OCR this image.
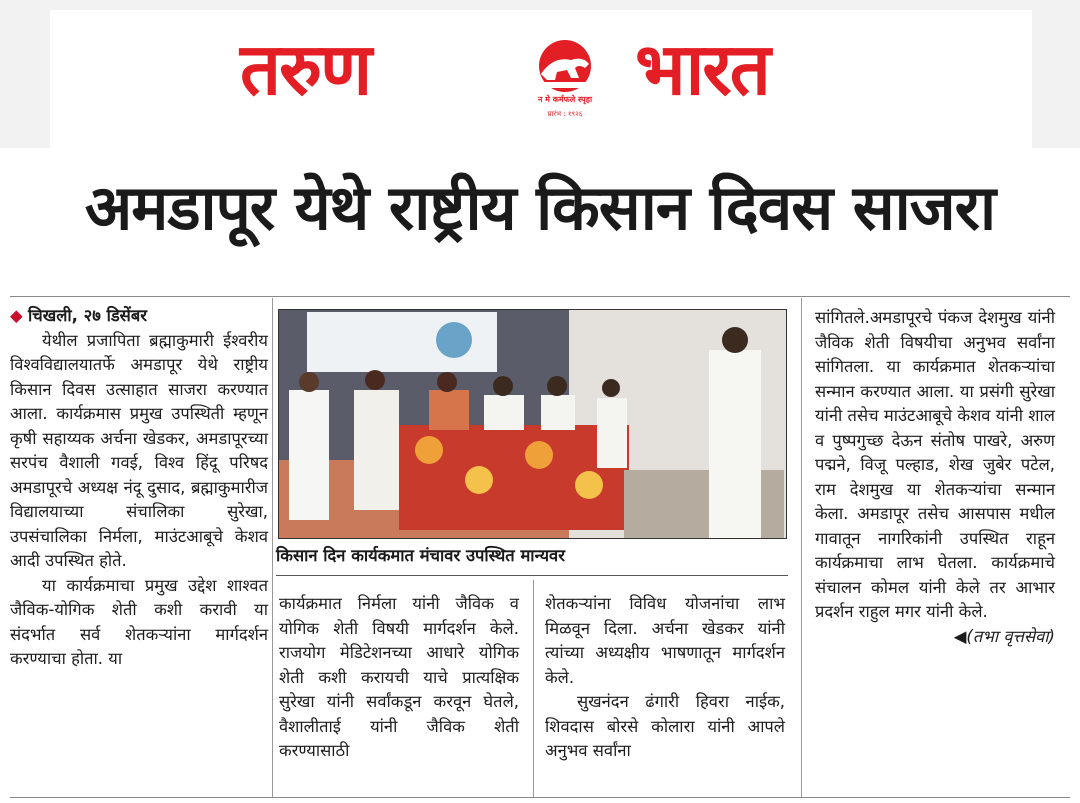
तरुण	न मे कर्मफले स्पृहा
प्रारंभ : १९२६
भारत
अमडापूर येथे राष्ट्रीय किसान दिवस साजरा

◆ चिखली, २७ डिसेंबर

येथील प्रजापिता ब्रह्माकुमारी ईश्वरीय विश्वविद्यालयातर्फे अमडापूर येथे राष्ट्रीय किसान दिवस उत्साहात साजरा करण्यात आला. कार्यक्रमास प्रमुख उपस्थिती म्हणून कृषी सहाय्यक अर्चना खेडकर, अमडापूरच्या सरपंच वैशाली गवई, विश्व हिंदू परिषद अमडापूरचे अध्यक्ष नंदू दुसाद, ब्रह्माकुमारीज विद्यालयाच्या संचालिका सुरेखा, उपसंचालिका निर्मला, माउंटआबूचे केशव आदी उपस्थित होते.

या कार्यक्रमाचा प्रमुख उद्देश शाश्वत जैविक-योगिक शेती कशी करावी या संदर्भात सर्व शेतकऱ्यांना मार्गदर्शन करण्याचा होता. या

किसान दिन कार्यकमात मंचावर उपस्थित मान्यवर

कार्यक्रमात निर्मला यांनी जैविक व योगिक शेती विषयी मार्गदर्शन केले. राजयोग मेडिटेशनच्या आधारे योगिक शेती कशी करायची याचे प्रात्यक्षिक सुरेखा यांनी सर्वांकडून करवून घेतले, वैशालीताई यांनी जैविक शेती करण्यासाठी

शेतकऱ्यांना विविध योजनांचा लाभ मिळवून दिला. अर्चना खेडकर यांनी त्यांच्या अध्यक्षीय भाषणातून मार्गदर्शन केले.

सुखनंदन ढंगारी हिवरा नाईक, शिवदास बोरसे कोलारा यांनी आपले अनुभव सर्वांना

सांगितले.अमडापूरचे पंकज देशमुख यांनी जैविक शेती विषयीचा अनुभव सर्वांना सांगितला. या कार्यक्रमात शेतकऱ्यांचा सन्मान करण्यात आला. या प्रसंगी सुरेखा यांनी तसेच माउंटआबूचे केशव यांनी शाल व पुष्पगुच्छ देऊन संतोष पाखरे, अरुण पद्मने, विजू पल्हाड, शेख जुबेर पटेल, राम देशमुख या शेतकऱ्यांचा सन्मान केला. अमडापूर तसेच आसपास मधील गावातून नागरिकांनी उपस्थित राहून कार्यक्रमाचा लाभ घेतला. कार्यक्रमाचे संचालन कोमल यांनी केले तर आभार प्रदर्शन राहुल मगर यांनी केले.

◀(तभा वृत्तसेवा)
